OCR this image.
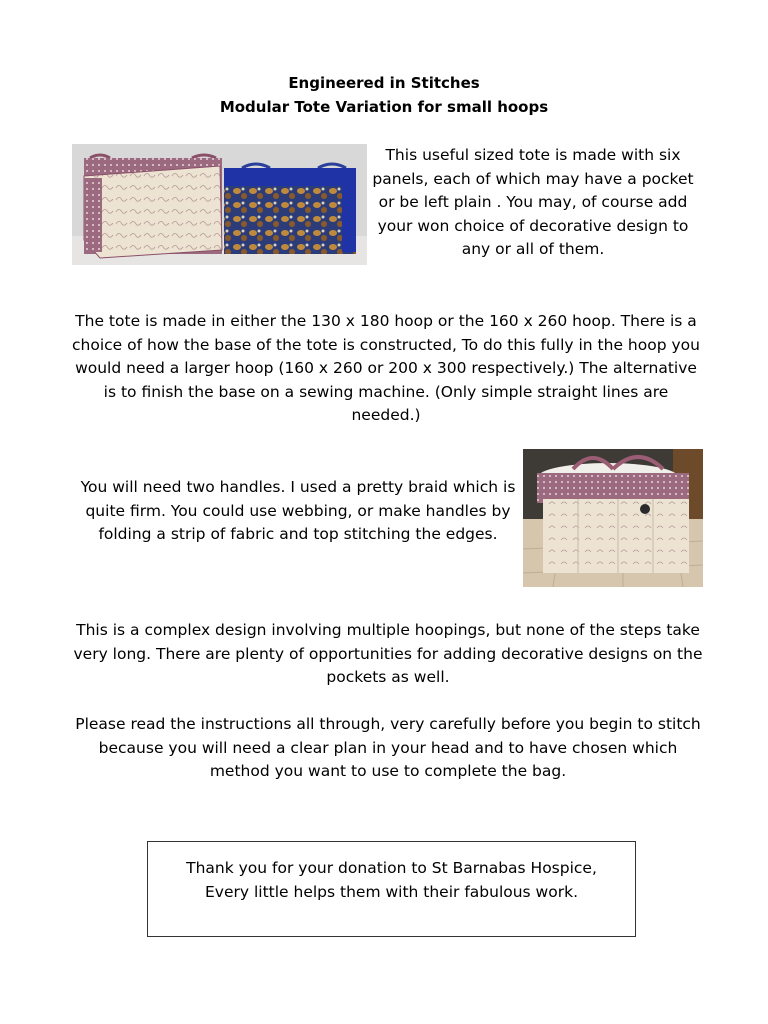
Engineered in Stitches
Modular Tote Variation for small hoops
This useful sized tote is made with six panels, each of which may have a pocket or be left plain . You may, of course add your won choice of decorative design to any or all of them.
The tote is made in either the 130 x 180 hoop or the 160 x 260 hoop. There is a choice of how the base of the tote is constructed, To do this fully in the hoop you would need a larger hoop (160 x 260 or 200 x 300 respectively.) The alternative is to finish the base on a sewing machine. (Only simple straight lines are needed.)
You will need two handles. I used a pretty braid which is quite firm. You could use webbing, or make handles by folding a strip of fabric and top stitching the edges.
This is a complex design involving multiple hoopings, but none of the steps take very long. There are plenty of opportunities for adding decorative designs on the pockets as well.
Please read the instructions all through, very carefully before you begin to stitch because you will need a clear plan in your head and to have chosen which method you want to use to complete the bag.
Thank you for your donation to St Barnabas Hospice,
Every little helps them with their fabulous work.
